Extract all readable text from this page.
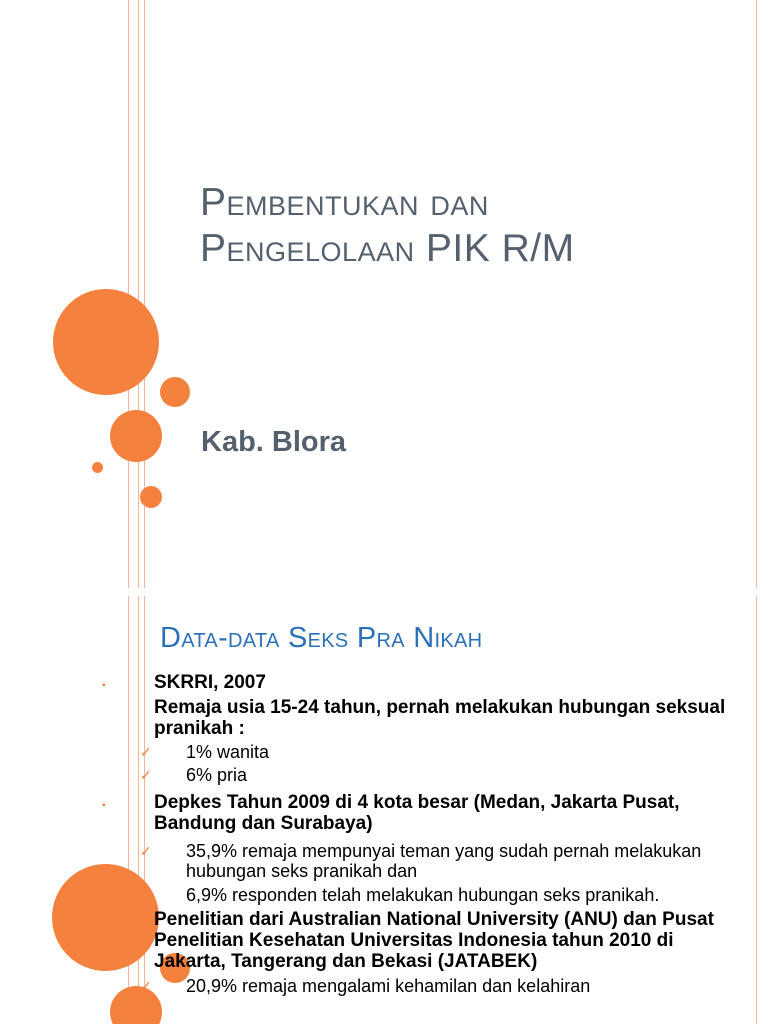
Pembentukan dan
Pengelolaan PIK R/M
Kab. Blora
Data-data Seks Pra Nikah
▪	SKRRI, 2007
Remaja usia 15-24 tahun, pernah melakukan hubungan seksual pranikah :
✓ 1% wanita
✓ 6% pria
▪	Depkes Tahun 2009 di 4 kota besar (Medan, Jakarta Pusat, Bandung dan Surabaya)
✓ 35,9% remaja mempunyai teman yang sudah pernah melakukan hubungan seks pranikah dan
6,9% responden telah melakukan hubungan seks pranikah.
Penelitian dari Australian National University (ANU) dan Pusat Penelitian Kesehatan Universitas Indonesia tahun 2010 di Jakarta, Tangerang dan Bekasi (JATABEK)
✓ 20,9% remaja mengalami kehamilan dan kelahiran
